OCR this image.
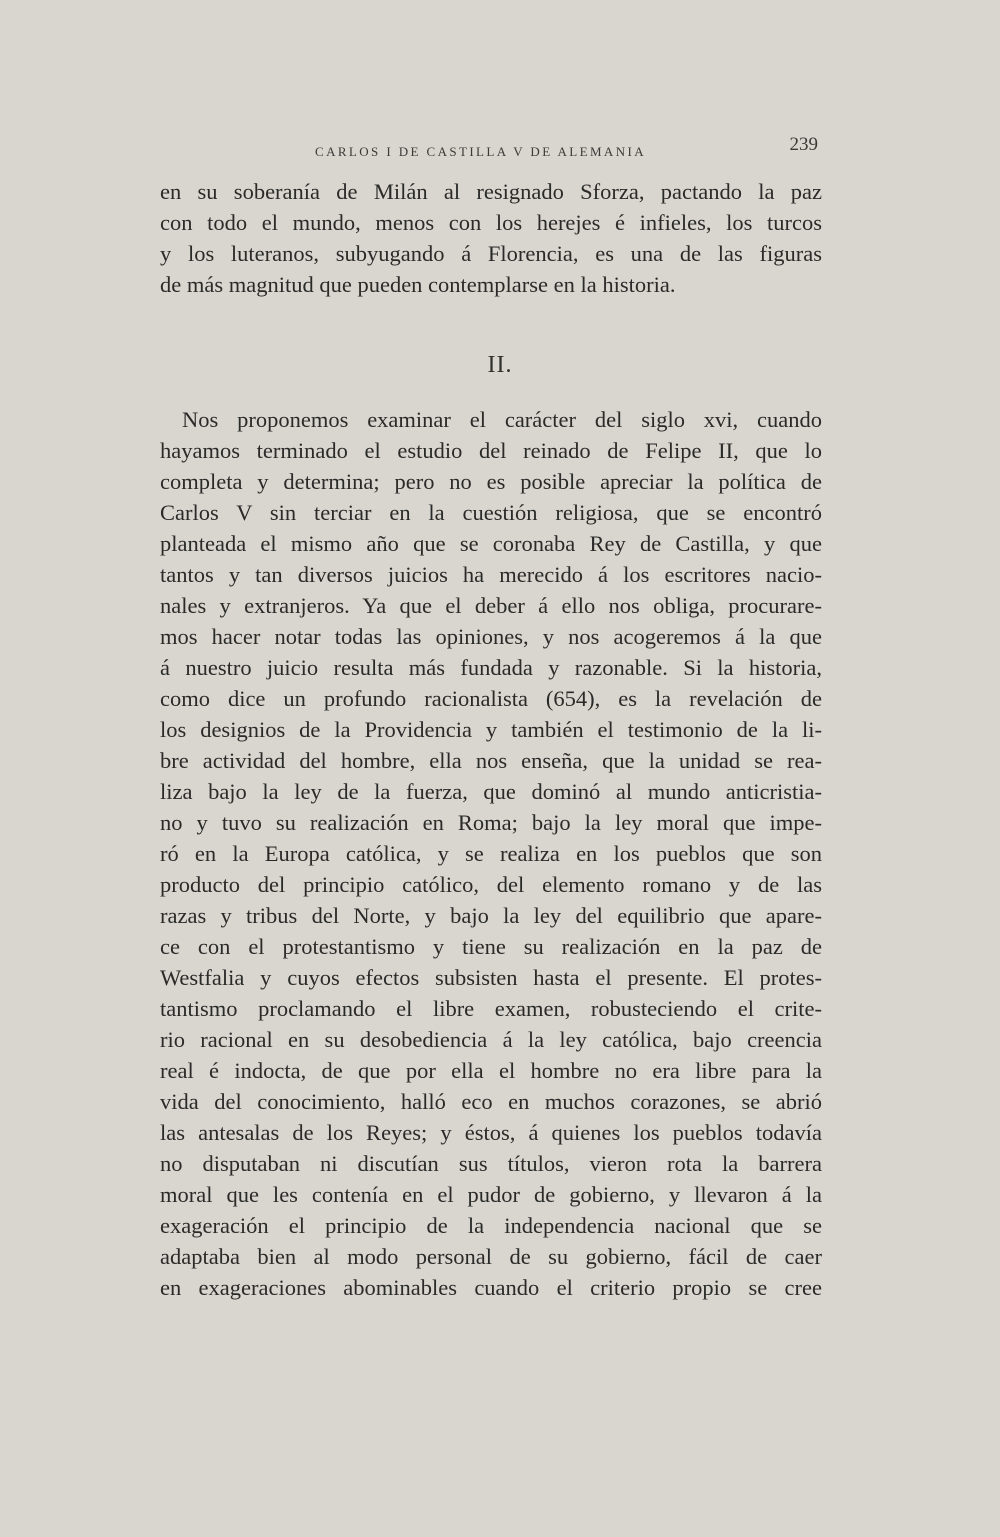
CARLOS I DE CASTILLA V DE ALEMANIA	239
en su soberanía de Milán al resignado Sforza, pactando la paz
con todo el mundo, menos con los herejes é infieles, los turcos
y los luteranos, subyugando á Florencia, es una de las figuras
de más magnitud que pueden contemplarse en la historia.
II.
Nos proponemos examinar el carácter del siglo xvi, cuando
hayamos terminado el estudio del reinado de Felipe II, que lo
completa y determina; pero no es posible apreciar la política de
Carlos V sin terciar en la cuestión religiosa, que se encontró
planteada el mismo año que se coronaba Rey de Castilla, y que
tantos y tan diversos juicios ha merecido á los escritores nacio-
nales y extranjeros. Ya que el deber á ello nos obliga, procurare-
mos hacer notar todas las opiniones, y nos acogeremos á la que
á nuestro juicio resulta más fundada y razonable. Si la historia,
como dice un profundo racionalista (654), es la revelación de
los designios de la Providencia y también el testimonio de la li-
bre actividad del hombre, ella nos enseña, que la unidad se rea-
liza bajo la ley de la fuerza, que dominó al mundo anticristia-
no y tuvo su realización en Roma; bajo la ley moral que impe-
ró en la Europa católica, y se realiza en los pueblos que son
producto del principio católico, del elemento romano y de las
razas y tribus del Norte, y bajo la ley del equilibrio que apare-
ce con el protestantismo y tiene su realización en la paz de
Westfalia y cuyos efectos subsisten hasta el presente. El protes-
tantismo proclamando el libre examen, robusteciendo el crite-
rio racional en su desobediencia á la ley católica, bajo creencia
real é indocta, de que por ella el hombre no era libre para la
vida del conocimiento, halló eco en muchos corazones, se abrió
las antesalas de los Reyes; y éstos, á quienes los pueblos todavía
no disputaban ni discutían sus títulos, vieron rota la barrera
moral que les contenía en el pudor de gobierno, y llevaron á la
exageración el principio de la independencia nacional que se
adaptaba bien al modo personal de su gobierno, fácil de caer
en exageraciones abominables cuando el criterio propio se cree
